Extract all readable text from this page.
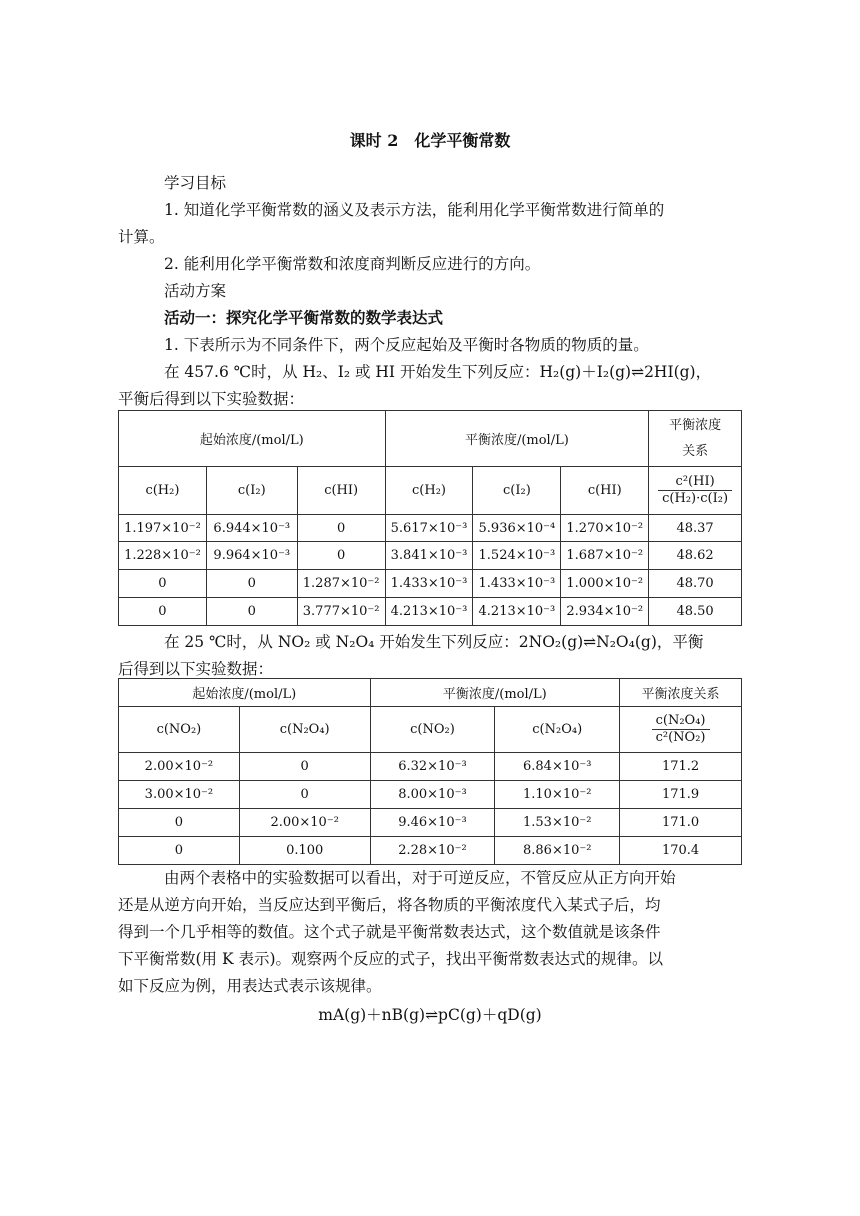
课时 2　化学平衡常数
学习目标
1. 知道化学平衡常数的涵义及表示方法，能利用化学平衡常数进行简单的
计算。
2. 能利用化学平衡常数和浓度商判断反应进行的方向。
活动方案
活动一：探究化学平衡常数的数学表达式
1. 下表所示为不同条件下，两个反应起始及平衡时各物质的物质的量。
在 457.6 ℃时，从 H₂、I₂ 或 HI 开始发生下列反应：H₂(g)＋I₂(g)⇌2HI(g)，
平衡后得到以下实验数据：
起始浓度/(mol/L)			平衡浓度/(mol/L)			平衡浓度
关系
c(H₂)	c(I₂)	c(HI)	c(H₂)	c(I₂)	c(HI)	$\frac{\text{c²(HI)}}{\text{c(H₂)·c(I₂)}}$

1.197×10⁻²	6.944×10⁻³	0	5.617×10⁻³	5.936×10⁻⁴	1.270×10⁻²	48.37
1.228×10⁻²	9.964×10⁻³	0	3.841×10⁻³	1.524×10⁻³	1.687×10⁻²	48.62
0	0	1.287×10⁻²	1.433×10⁻³	1.433×10⁻³	1.000×10⁻²	48.70
0	0	3.777×10⁻²	4.213×10⁻³	4.213×10⁻³	2.934×10⁻²	48.50
在 25 ℃时，从 NO₂ 或 N₂O₄ 开始发生下列反应：2NO₂(g)⇌N₂O₄(g)，平衡
后得到以下实验数据：
起始浓度/(mol/L)		平衡浓度/(mol/L)		平衡浓度关系
c(NO₂)	c(N₂O₄)	c(NO₂)	c(N₂O₄)	$\frac{\text{c(N₂O₄)}}{\text{c²(NO₂)}}$

2.00×10⁻²	0	6.32×10⁻³	6.84×10⁻³	171.2
3.00×10⁻²	0	8.00×10⁻³	1.10×10⁻²	171.9
0	2.00×10⁻²	9.46×10⁻³	1.53×10⁻²	171.0
0	0.100	2.28×10⁻²	8.86×10⁻²	170.4
由两个表格中的实验数据可以看出，对于可逆反应，不管反应从正方向开始
还是从逆方向开始，当反应达到平衡后，将各物质的平衡浓度代入某式子后，均
得到一个几乎相等的数值。这个式子就是平衡常数表达式，这个数值就是该条件
下平衡常数(用 K 表示)。观察两个反应的式子，找出平衡常数表达式的规律。以
如下反应为例，用表达式表示该规律。
mA(g)＋nB(g)⇌pC(g)＋qD(g)
